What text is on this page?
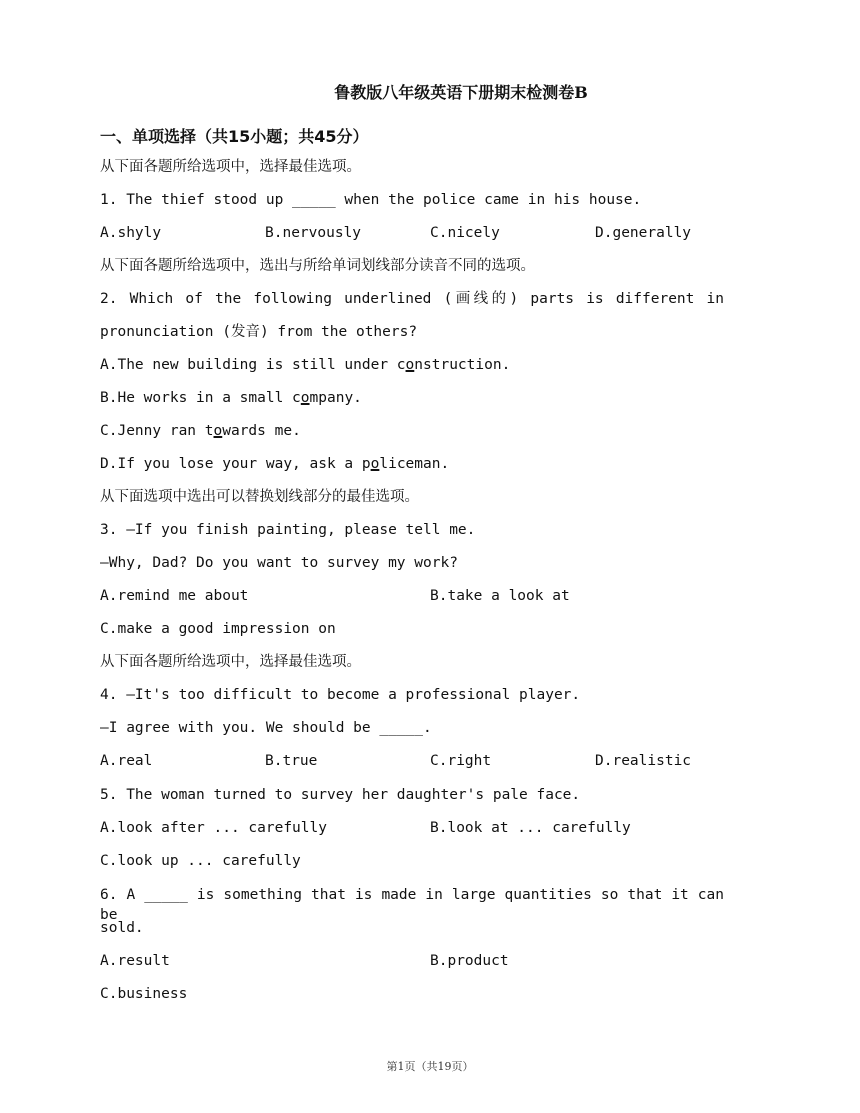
鲁教版八年级英语下册期末检测卷B
一、单项选择（共15小题；共45分）
从下面各题所给选项中，选择最佳选项。
1. The thief stood up _____ when the police came in his house.
A.shyly	B.nervously	C.nicely	D.generally
从下面各题所给选项中，选出与所给单词划线部分读音不同的选项。
2. Which of the following underlined (画线的) parts is different in
pronunciation (发音) from the others?
A.The new building is still under construction.
B.He works in a small company.
C.Jenny ran towards me.
D.If you lose your way, ask a policeman.
从下面选项中选出可以替换划线部分的最佳选项。
3. —If you finish painting, please tell me.
—Why, Dad? Do you want to survey my work?
A.remind me about	B.take a look at
C.make a good impression on
从下面各题所给选项中，选择最佳选项。
4. —It's too difficult to become a professional player.
—I agree with you. We should be _____.
A.real	B.true	C.right	D.realistic
5. The woman turned to survey her daughter's pale face.
A.look after ... carefully	B.look at ... carefully
C.look up ... carefully
6. A _____ is something that is made in large quantities so that it can be
sold.
A.result	B.product
C.business
第1页（共19页）
